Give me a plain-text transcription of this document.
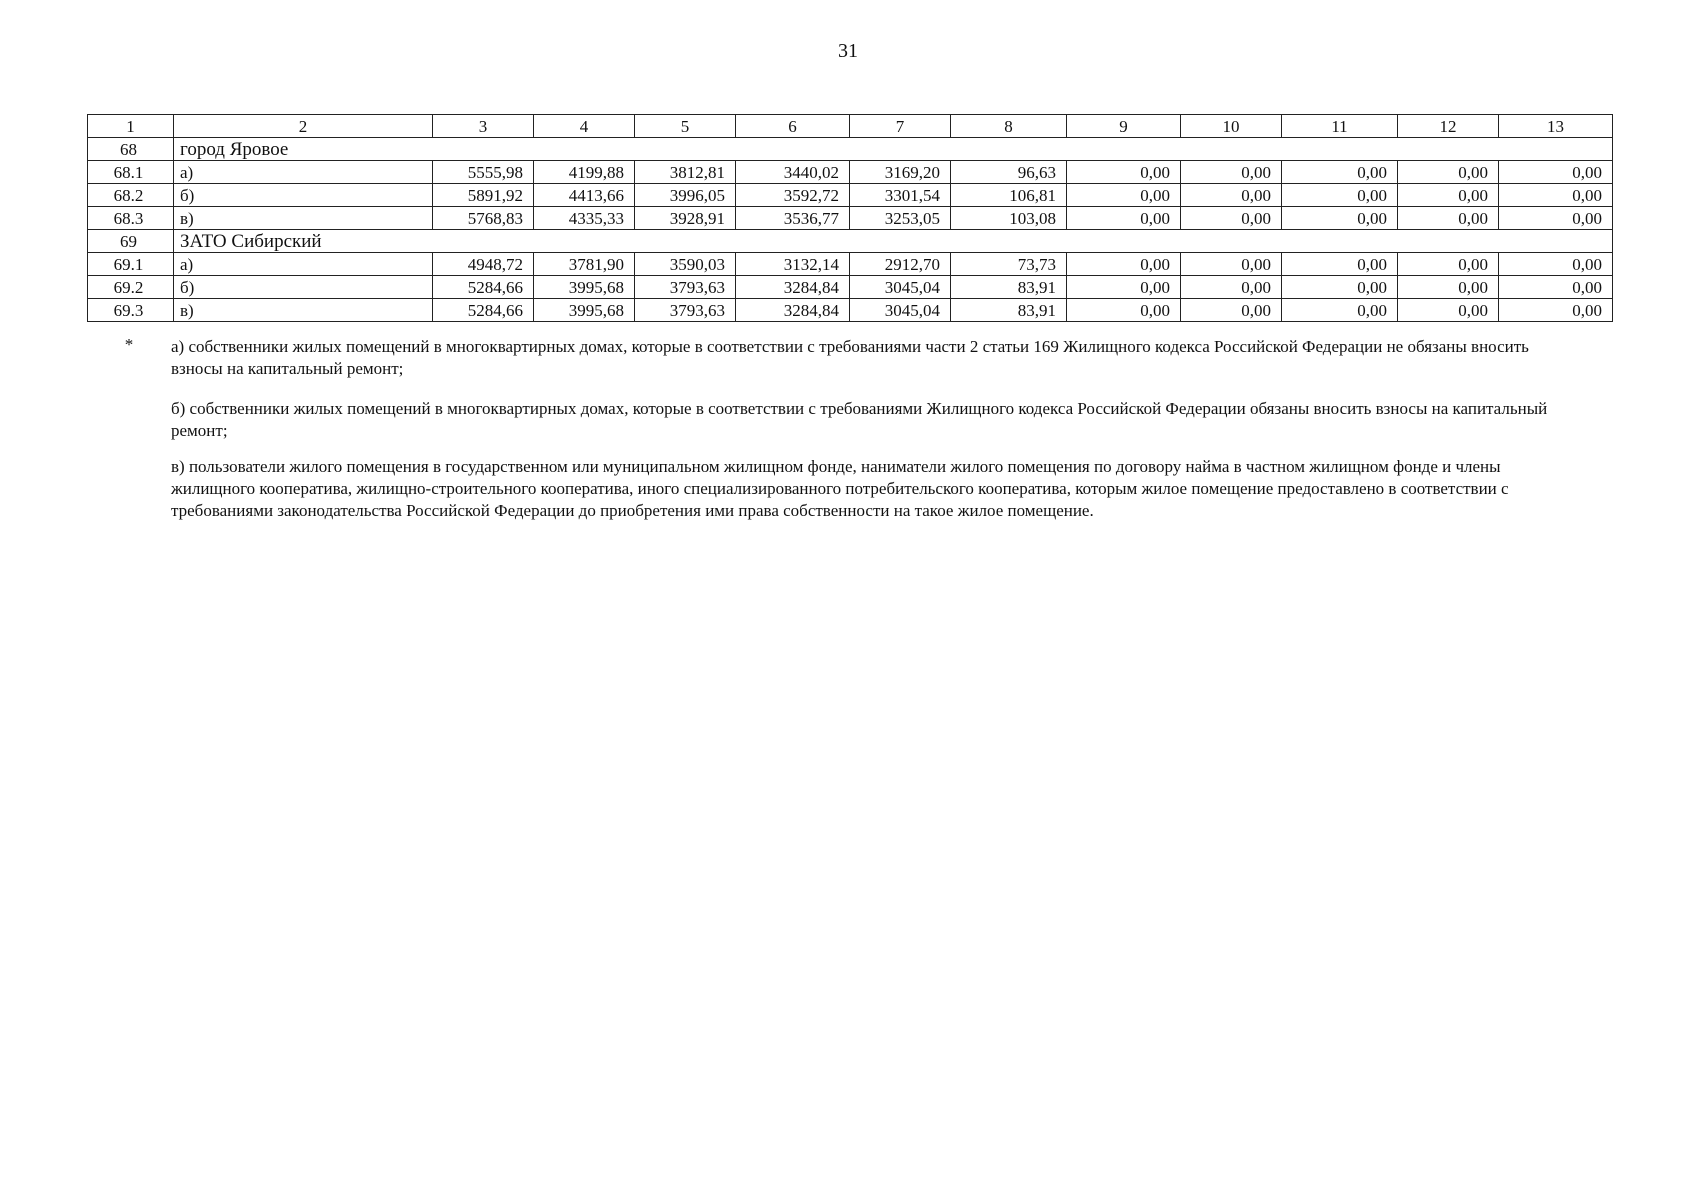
31
1	2	3	4	5	6	7	8	9	10	11	12	13
68	город Яровое											
68.1	а)	5555,98	4199,88	3812,81	3440,02	3169,20	96,63	0,00	0,00	0,00	0,00	0,00
68.2	б)	5891,92	4413,66	3996,05	3592,72	3301,54	106,81	0,00	0,00	0,00	0,00	0,00
68.3	в)	5768,83	4335,33	3928,91	3536,77	3253,05	103,08	0,00	0,00	0,00	0,00	0,00
69	ЗАТО Сибирский											
69.1	а)	4948,72	3781,90	3590,03	3132,14	2912,70	73,73	0,00	0,00	0,00	0,00	0,00
69.2	б)	5284,66	3995,68	3793,63	3284,84	3045,04	83,91	0,00	0,00	0,00	0,00	0,00
69.3	в)	5284,66	3995,68	3793,63	3284,84	3045,04	83,91	0,00	0,00	0,00	0,00	0,00
*	а) собственники жилых помещений в многоквартирных домах, которые в соответствии с требованиями части 2 статьи 169 Жилищного кодекса Российской Федерации не обязаны вносить взносы на капитальный ремонт;
б) собственники жилых помещений в многоквартирных домах, которые в соответствии с требованиями Жилищного кодекса Российской Федерации обязаны вносить взносы на капитальный ремонт;
в) пользователи жилого помещения в государственном или муниципальном жилищном фонде, наниматели жилого помещения по договору найма в частном жилищном фонде и члены жилищного кооператива, жилищно-строительного кооператива, иного специализированного потребительского кооператива, которым жилое помещение предоставлено в соответствии с требованиями законодательства Российской Федерации до приобретения ими права собственности на такое жилое помещение.
